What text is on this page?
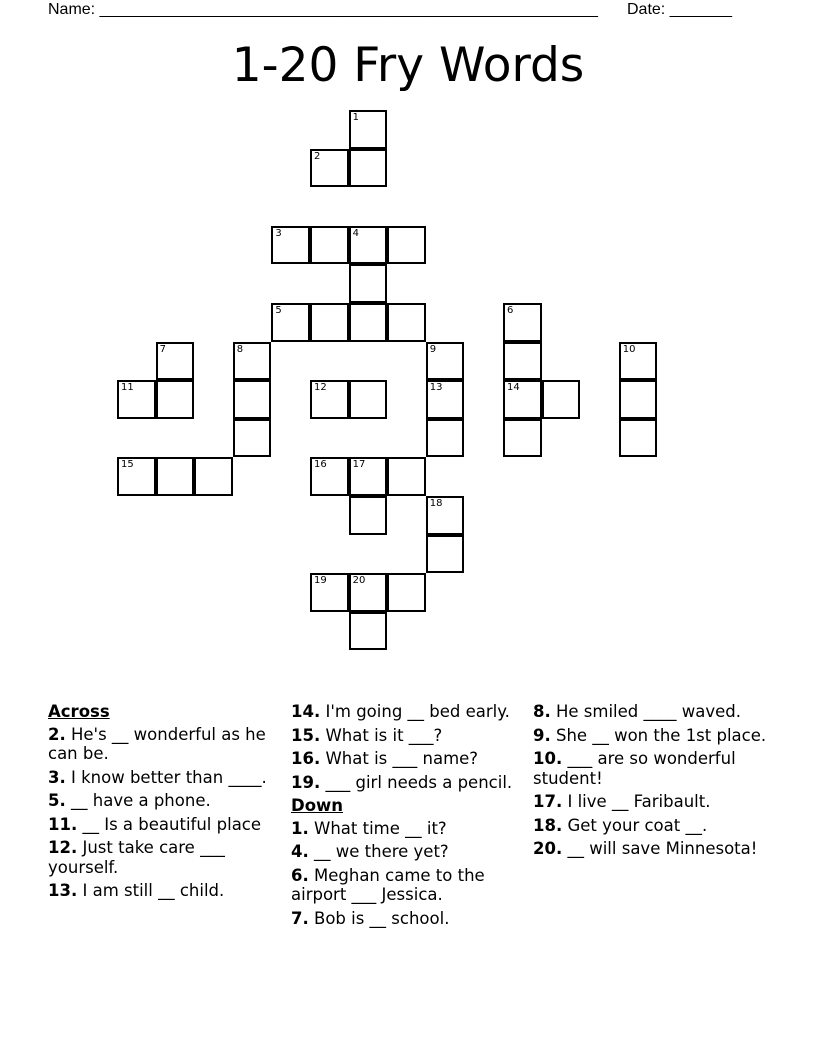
Name: ________________________________________________________ Date: _______
1-20 Fry Words
1
2
3	4
5	6
7	8	9	10
11	12	13	14
15	16	17
18
19	20
Across

2. He's __ wonderful as he can be.

3. I know better than ____.

5. __ have a phone.

11. __ Is a beautiful place

12. Just take care ___ yourself.

13. I am still __ child.

14. I'm going __ bed early.

15. What is it ___?

16. What is ___ name?

19. ___ girl needs a pencil.

Down

1. What time __ it?

4. __ we there yet?

6. Meghan came to the airport ___ Jessica.

7. Bob is __ school.

8. He smiled ____ waved.

9. She __ won the 1st place.

10. ___ are so wonderful student!

17. I live __ Faribault.

18. Get your coat __.

20. __ will save Minnesota!
